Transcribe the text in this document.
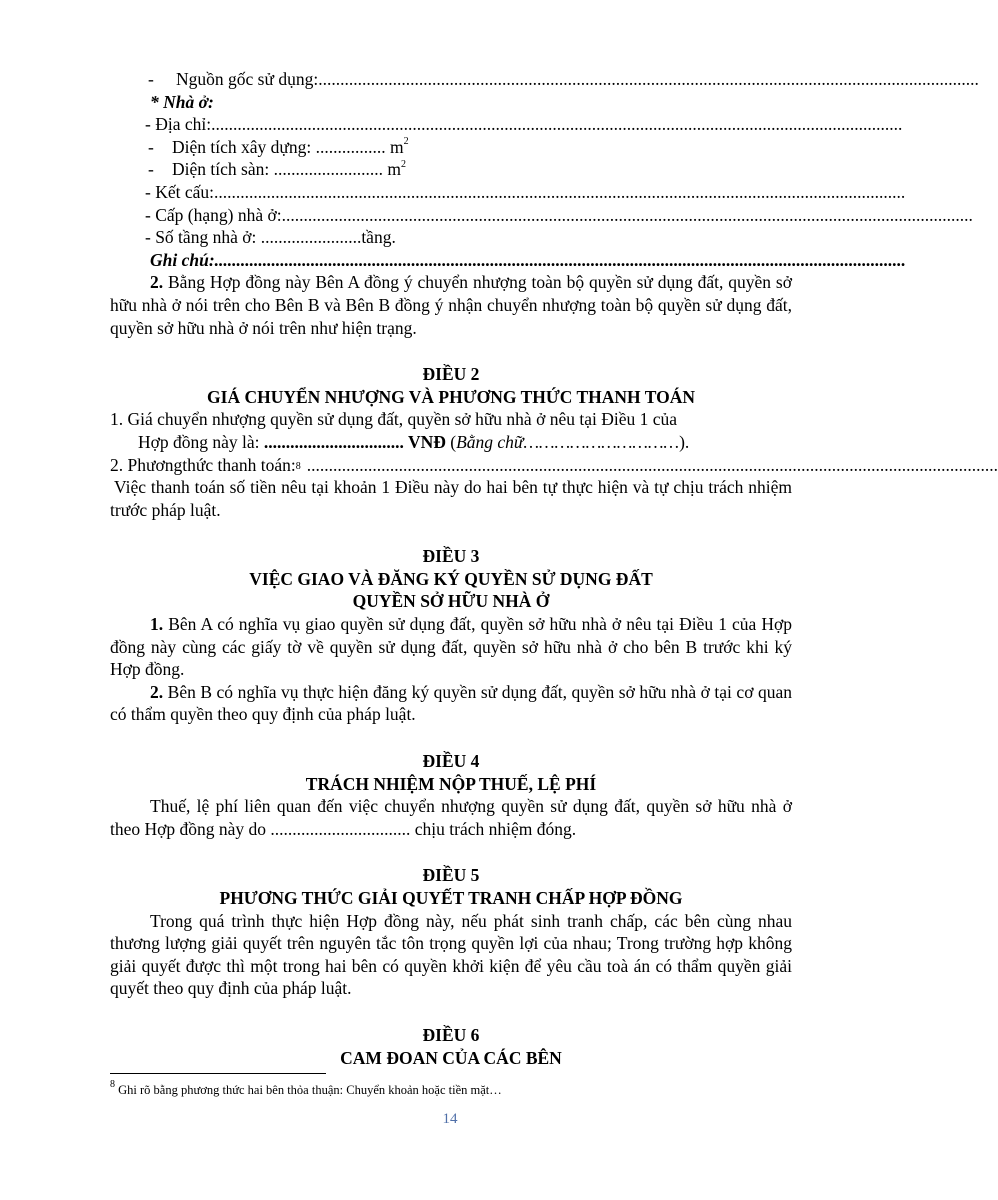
-	Nguồn gốc sử dụng: .......................................................................................................................................................
* Nhà ở:
- Địa chỉ: ..............................................................................................................................................................
- Diện tích xây dựng: ................ $m^2$
- Diện tích sàn: ......................... $m^2$
- Kết cấu: ..............................................................................................................................................................
- Cấp (hạng) nhà ở: ..............................................................................................................................................................
- Số tầng nhà ở: .......................tầng.
Ghi chú: ..............................................................................................................................................................
2. Bằng Hợp đồng này Bên A đồng ý chuyển nhượng toàn bộ quyền sử dụng đất, quyền sở hữu nhà ở nói trên cho Bên B và Bên B đồng ý nhận chuyển nhượng toàn bộ quyền sử dụng đất, quyền sở hữu nhà ở nói trên như hiện trạng.
ĐIỀU 2
GIÁ CHUYỂN NHƯỢNG VÀ PHƯƠNG THỨC THANH TOÁN
1. Giá chuyển nhượng quyền sử dụng đất, quyền sở hữu nhà ở nêu tại Điều 1 của
Hợp đồng này là: ................................ VNĐ (Bằng chữ…………………………).
2. Phươngthức thanh toán:$^8$ ..............................................................................................................................................................
Việc thanh toán số tiền nêu tại khoản 1 Điều này do hai bên tự thực hiện và tự chịu trách nhiệm trước pháp luật.
ĐIỀU 3
VIỆC GIAO VÀ ĐĂNG KÝ QUYỀN SỬ DỤNG ĐẤT
QUYỀN SỞ HỮU NHÀ Ở
1. Bên A có nghĩa vụ giao quyền sử dụng đất, quyền sở hữu nhà ở nêu tại Điều 1 của Hợp đồng này cùng các giấy tờ về quyền sử dụng đất, quyền sở hữu nhà ở cho bên B trước khi ký Hợp đồng.
2. Bên B có nghĩa vụ thực hiện đăng ký quyền sử dụng đất, quyền sở hữu nhà ở tại cơ quan có thẩm quyền theo quy định của pháp luật.
ĐIỀU 4
TRÁCH NHIỆM NỘP THUẾ, LỆ PHÍ
Thuế, lệ phí liên quan đến việc chuyển nhượng quyền sử dụng đất, quyền sở hữu nhà ở theo Hợp đồng này do ................................ chịu trách nhiệm đóng.
ĐIỀU 5
PHƯƠNG THỨC GIẢI QUYẾT TRANH CHẤP HỢP ĐỒNG
Trong quá trình thực hiện Hợp đồng này, nếu phát sinh tranh chấp, các bên cùng nhau thương lượng giải quyết trên nguyên tắc tôn trọng quyền lợi của nhau; Trong trường hợp không giải quyết được thì một trong hai bên có quyền khởi kiện để yêu cầu toà án có thẩm quyền giải quyết theo quy định của pháp luật.
ĐIỀU 6
CAM ĐOAN CỦA CÁC BÊN
$^8$ Ghi rõ bằng phương thức hai bên thỏa thuận: Chuyển khoản hoặc tiền mặt…
14
